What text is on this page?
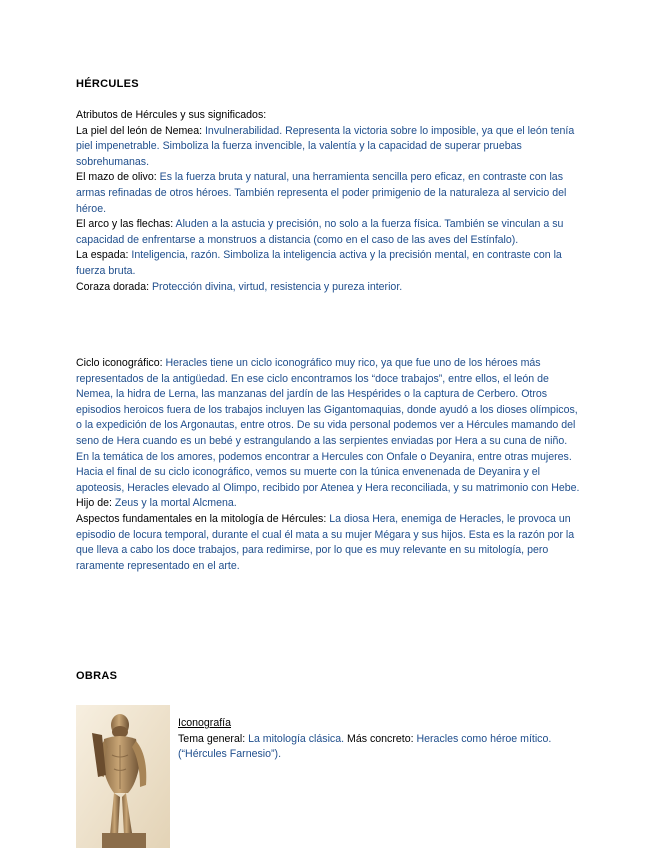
HÉRCULES

Atributos de Hércules y sus significados:

La piel del león de Nemea: Invulnerabilidad. Representa la victoria sobre lo imposible, ya que el león tenía piel impenetrable. Simboliza la fuerza invencible, la valentía y la capacidad de superar pruebas sobrehumanas.

El mazo de olivo: Es la fuerza bruta y natural, una herramienta sencilla pero eficaz, en contraste con las armas refinadas de otros héroes. También representa el poder primigenio de la naturaleza al servicio del héroe.

El arco y las flechas: Aluden a la astucia y precisión, no solo a la fuerza física. También se vinculan a su capacidad de enfrentarse a monstruos a distancia (como en el caso de las aves del Estínfalo).

La espada: Inteligencia, razón. Simboliza la inteligencia activa y la precisión mental, en contraste con la fuerza bruta.

Coraza dorada: Protección divina, virtud, resistencia y pureza interior.

Ciclo iconográfico: Heracles tiene un ciclo iconográfico muy rico, ya que fue uno de los héroes más representados de la antigüedad. En ese ciclo encontramos los “doce trabajos”, entre ellos, el león de Nemea, la hidra de Lerna, las manzanas del jardín de las Hespérides o la captura de Cerbero. Otros episodios heroicos fuera de los trabajos incluyen las Gigantomaquias, donde ayudó a los dioses olímpicos, o la expedición de los Argonautas, entre otros. De su vida personal podemos ver a Hércules mamando del seno de Hera cuando es un bebé y estrangulando a las serpientes enviadas por Hera a su cuna de niño. En la temática de los amores, podemos encontrar a Hercules con Onfale o Deyanira, entre otras mujeres. Hacia el final de su ciclo iconográfico, vemos su muerte con la túnica envenenada de Deyanira y el apoteosis, Heracles elevado al Olimpo, recibido por Atenea y Hera reconciliada, y su matrimonio con Hebe.

Hijo de: Zeus y la mortal Alcmena.

Aspectos fundamentales en la mitología de Hércules: La diosa Hera, enemiga de Heracles, le provoca un episodio de locura temporal, durante el cual él mata a su mujer Mégara y sus hijos. Esta es la razón por la que lleva a cabo los doce trabajos, para redimirse, por lo que es muy relevante en su mitología, pero raramente representado en el arte.

OBRAS

Iconografía

Tema general: La mitología clásica. Más concreto: Heracles como héroe mítico. (“Hércules Farnesio”).
